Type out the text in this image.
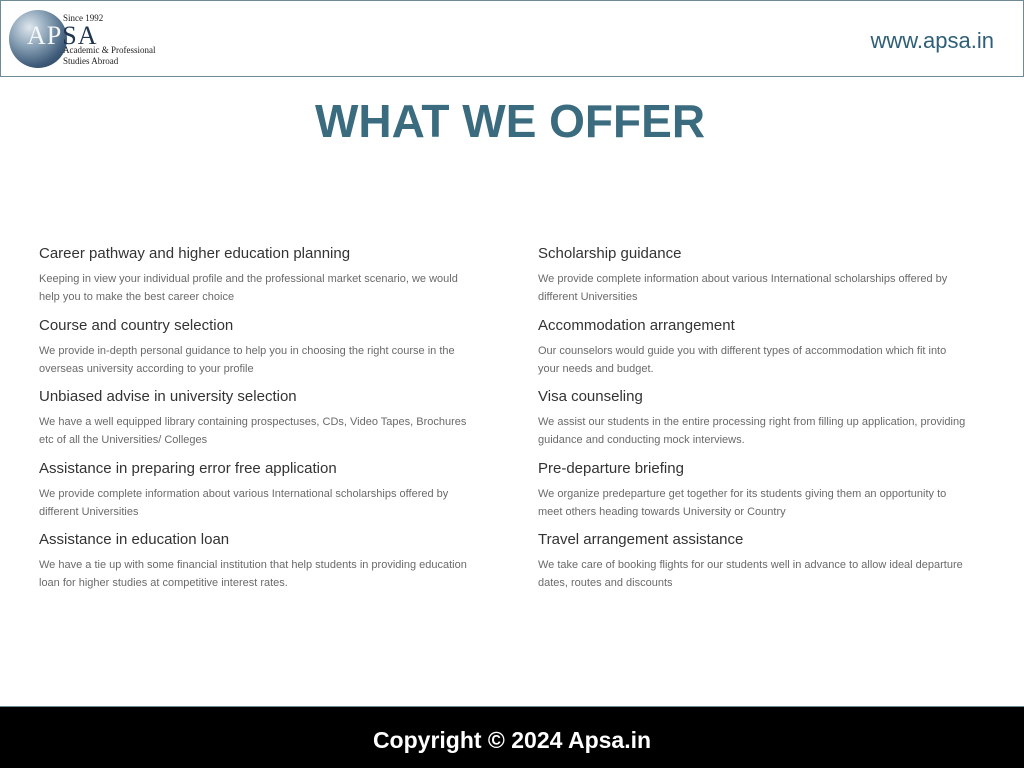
APSA
Since 1992
Academic & Professional Studies Abroad
www.apsa.in
WHAT WE OFFER
Career pathway and higher education planning
Keeping in view your individual profile and the professional market scenario, we would help you to make the best career choice
Course and country selection
We provide in-depth personal guidance to help you in choosing the right course in the overseas university according to your profile
Unbiased advise in university selection
We have a well equipped library containing prospectuses, CDs, Video Tapes, Brochures etc of all the Universities/ Colleges
Assistance in preparing error free application
We provide complete information about various International scholarships offered by different Universities
Assistance in education loan
We have a tie up with some financial institution that help students in providing education loan for higher studies at competitive interest rates.
Scholarship guidance
We provide complete information about various International scholarships offered by different Universities
Accommodation arrangement
Our counselors would guide you with different types of accommodation which fit into your needs and budget.
Visa counseling
We assist our students in the entire processing right from filling up application, providing guidance and conducting mock interviews.
Pre-departure briefing
We organize predeparture get together for its students giving them an opportunity to meet others heading towards University or Country
Travel arrangement assistance
We take care of booking flights for our students well in advance to allow ideal departure dates, routes and discounts
Copyright © 2024 Apsa.in
